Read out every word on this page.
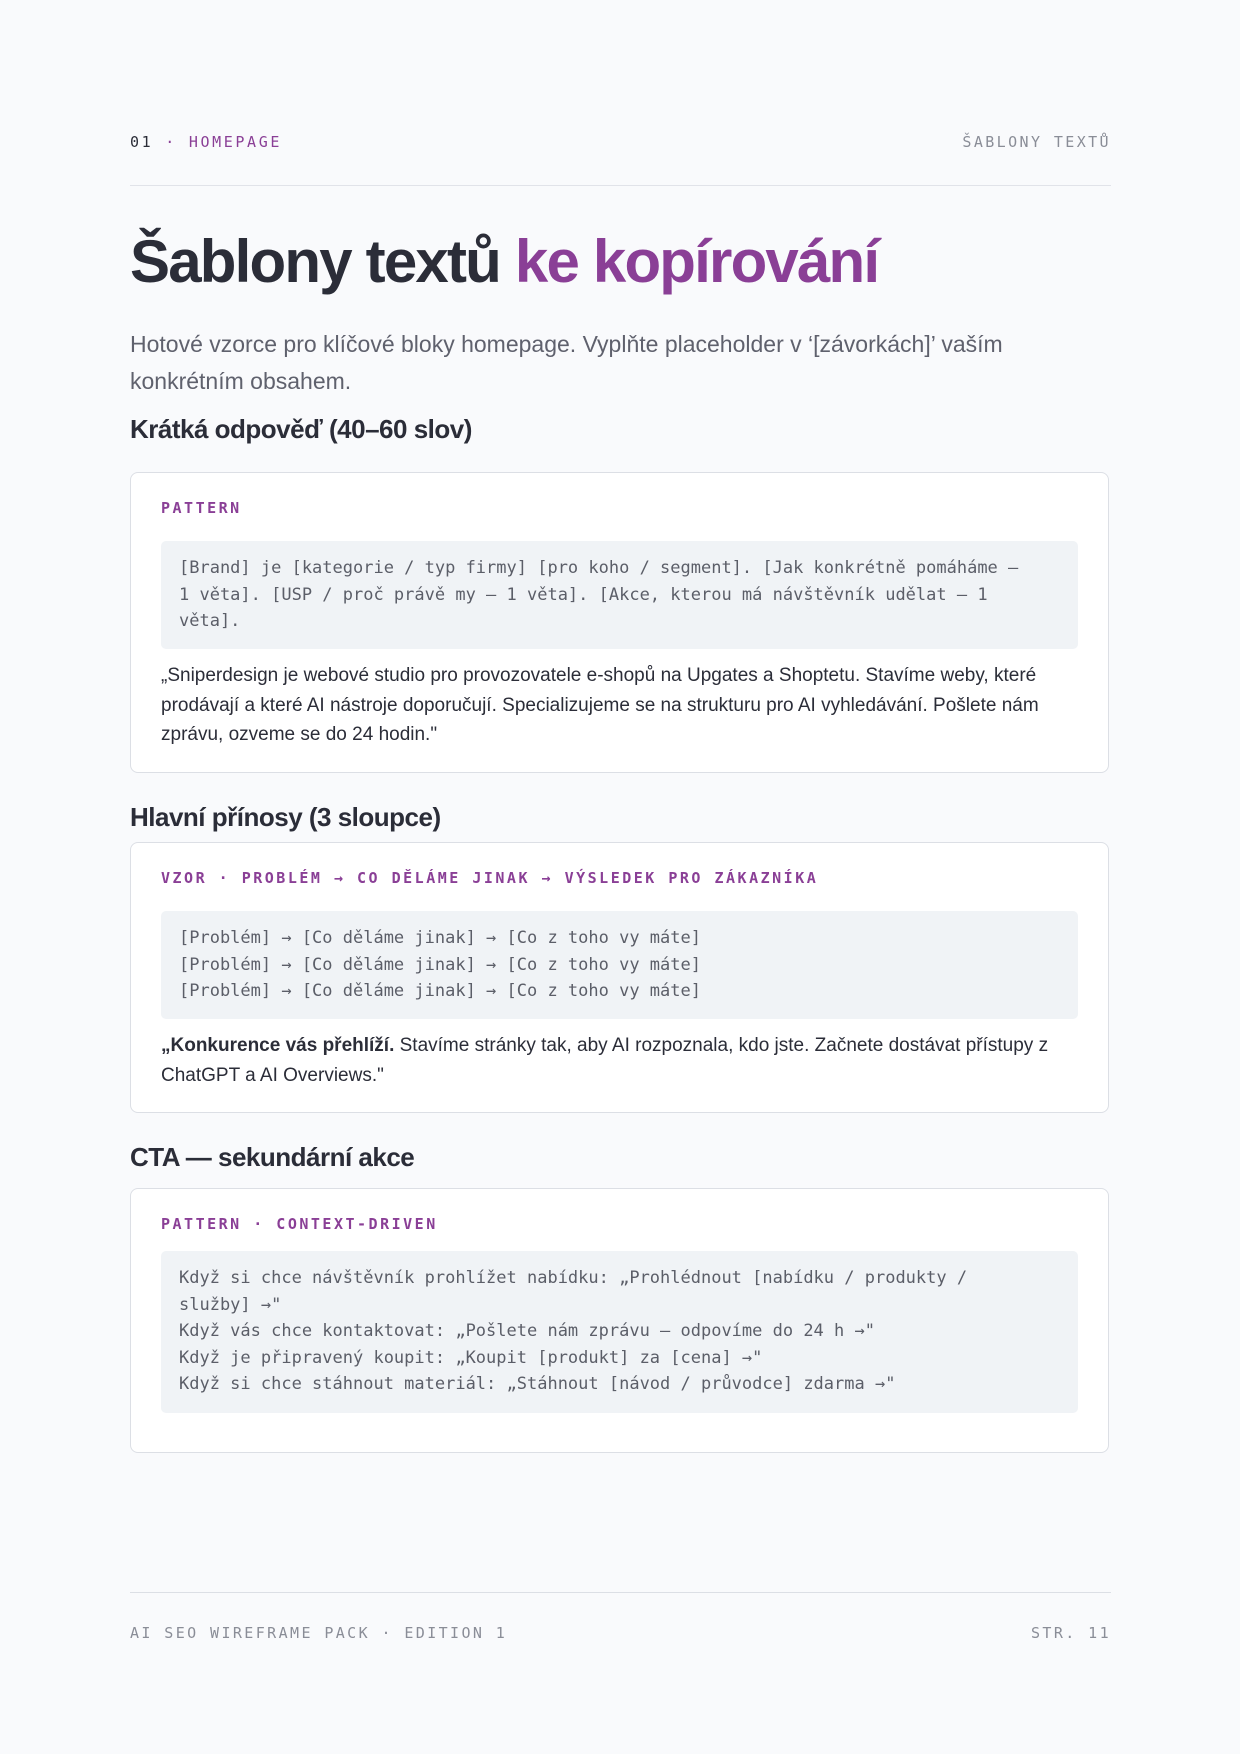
01 · HOMEPAGE	ŠABLONY TEXTŮ
Šablony textů ke kopírování

Hotové vzorce pro klíčové bloky homepage. Vyplňte placeholder v ‘[závorkách]’ vaším konkrétním obsahem.

Krátká odpověď (40–60 slov)
PATTERN
[Brand] je [kategorie / typ firmy] [pro koho / segment]. [Jak konkrétně pomáháme —
1 věta]. [USP / proč právě my — 1 věta]. [Akce, kterou má návštěvník udělat — 1
věta].

„Sniperdesign je webové studio pro provozovatele e-shopů na Upgates a Shoptetu. Stavíme weby, které prodávají a které AI nástroje doporučují. Specializujeme se na strukturu pro AI vyhledávání. Pošlete nám zprávu, ozveme se do 24 hodin."

Hlavní přínosy (3 sloupce)
VZOR · PROBLÉM → CO DĚLÁME JINAK → VÝSLEDEK PRO ZÁKAZNÍKA
[Problém] → [Co děláme jinak] → [Co z toho vy máte]
[Problém] → [Co děláme jinak] → [Co z toho vy máte]
[Problém] → [Co děláme jinak] → [Co z toho vy máte]

„Konkurence vás přehlíží. Stavíme stránky tak, aby AI rozpoznala, kdo jste. Začnete dostávat přístupy z ChatGPT a AI Overviews."

CTA — sekundární akce
PATTERN · CONTEXT-DRIVEN
Když si chce návštěvník prohlížet nabídku: „Prohlédnout [nabídku / produkty /
služby] →"
Když vás chce kontaktovat: „Pošlete nám zprávu — odpovíme do 24 h →"
Když je připravený koupit: „Koupit [produkt] za [cena] →"
Když si chce stáhnout materiál: „Stáhnout [návod / průvodce] zdarma →"
AI SEO WIREFRAME PACK · EDITION 1	STR. 11
